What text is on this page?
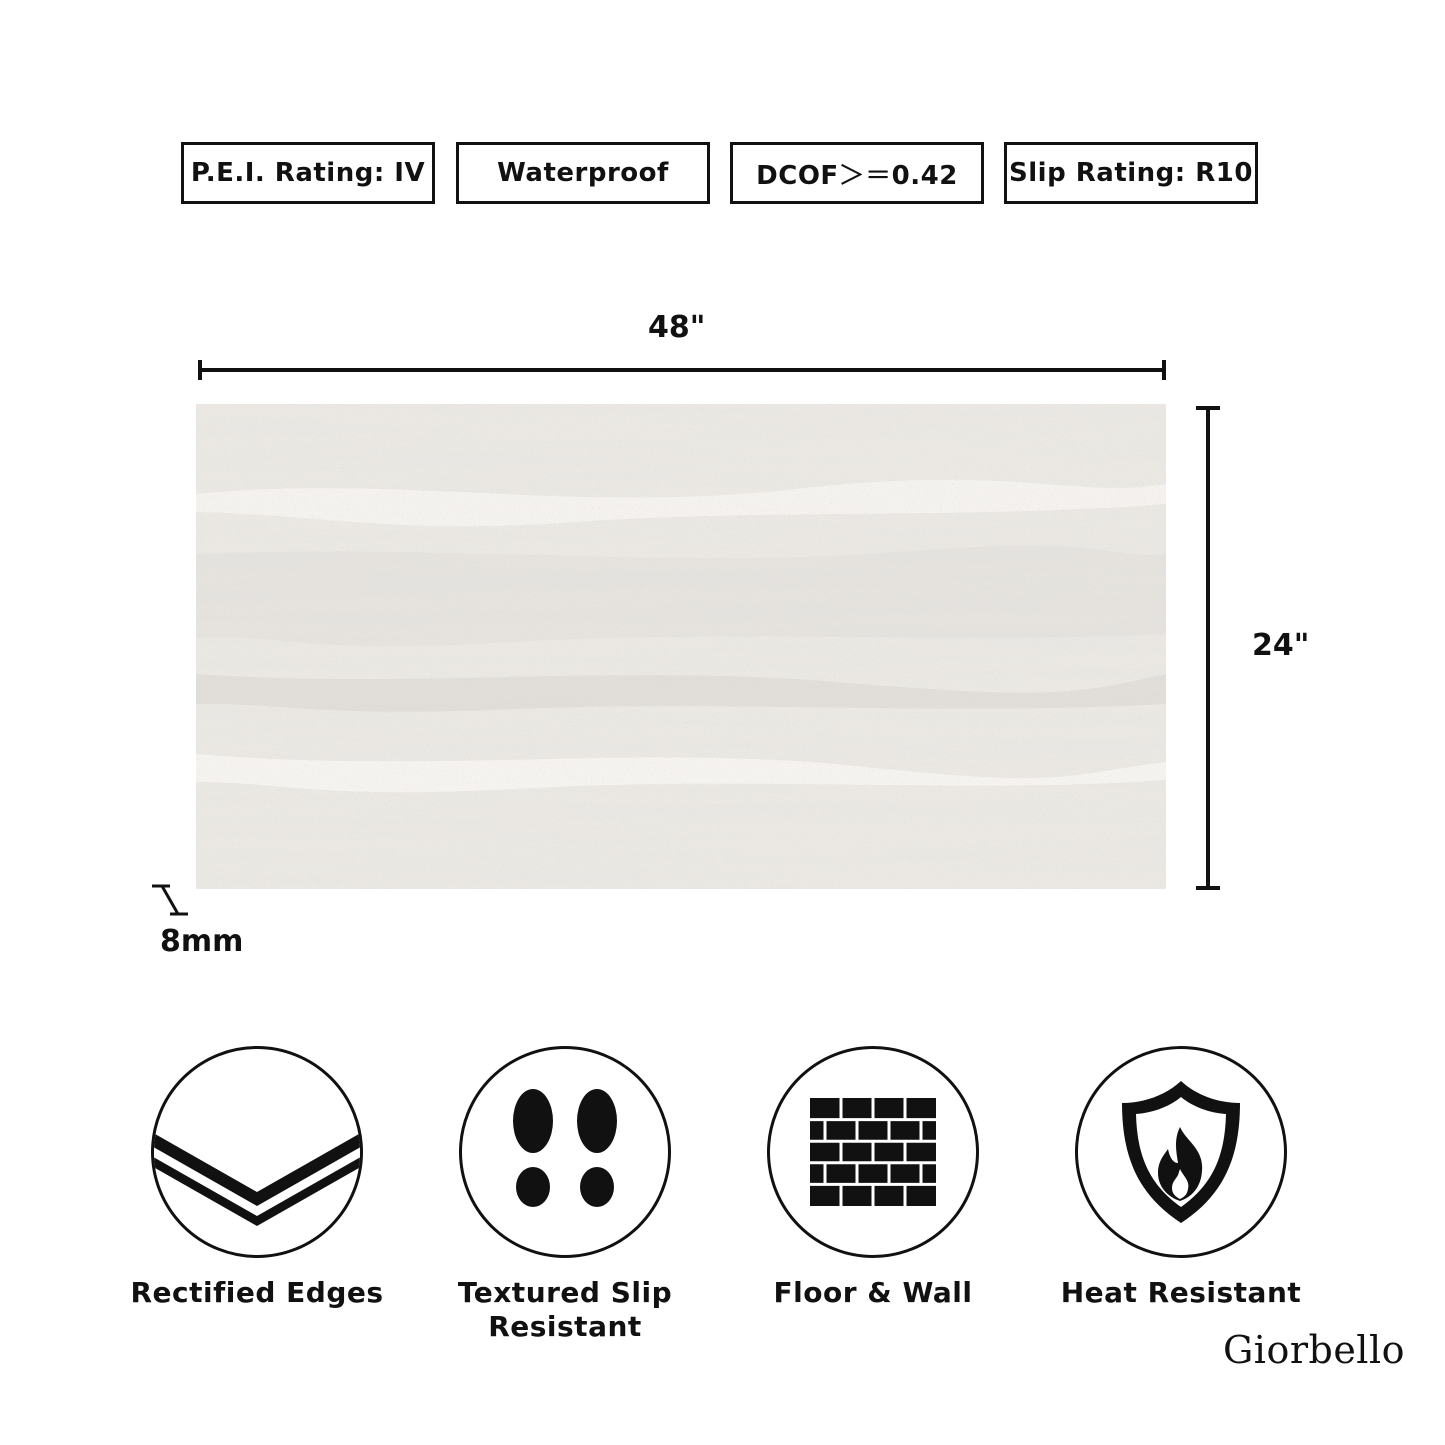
P.E.I. Rating: IV	Waterproof	DCOF＞＝0.42 Slip Rating: R10
48"
24"
8mm
Rectified Edges	Textured Slip
Resistant
Floor & Wall	Heat Resistant
Giorbello
